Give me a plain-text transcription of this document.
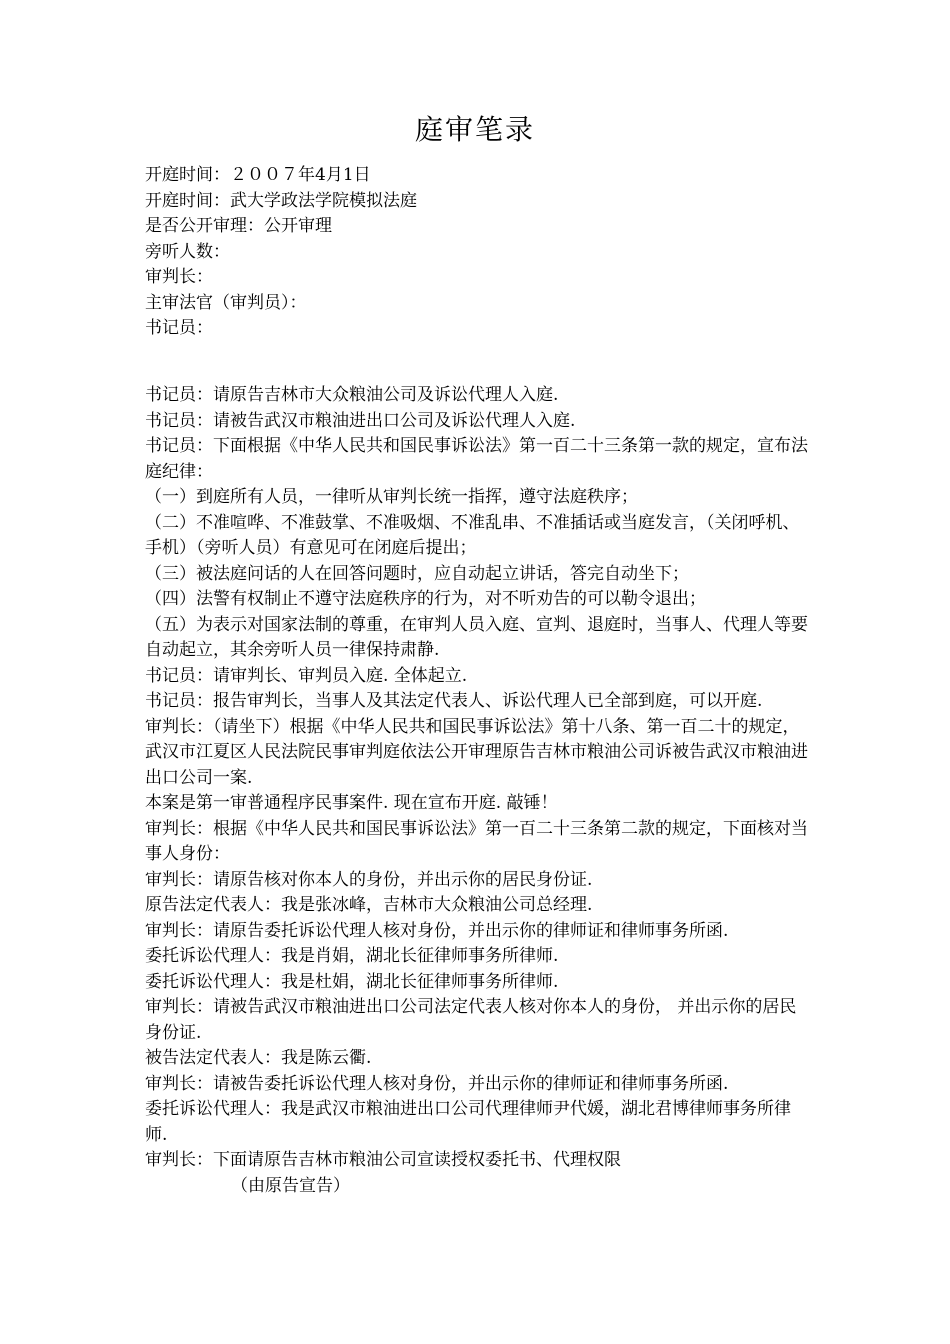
庭审笔录
开庭时间：２００７年4月1日
开庭时间：武大学政法学院模拟法庭
是否公开审理：公开审理
旁听人数：
审判长：
主审法官（审判员）：
书记员：
书记员：请原告吉林市大众粮油公司及诉讼代理人入庭.
书记员：请被告武汉市粮油进出口公司及诉讼代理人入庭.
书记员：下面根据《中华人民共和国民事诉讼法》第一百二十三条第一款的规定，宣布法庭纪律：
（一）到庭所有人员，一律听从审判长统一指挥，遵守法庭秩序；
（二）不准喧哗、不准鼓掌、不准吸烟、不准乱串、不准插话或当庭发言，（关闭呼机、手机）（旁听人员）有意见可在闭庭后提出；
（三）被法庭问话的人在回答问题时，应自动起立讲话，答完自动坐下；
（四）法警有权制止不遵守法庭秩序的行为，对不听劝告的可以勒令退出；
（五）为表示对国家法制的尊重，在审判人员入庭、宣判、退庭时，当事人、代理人等要自动起立，其余旁听人员一律保持肃静.
书记员：请审判长、审判员入庭. 全体起立.
书记员：报告审判长，当事人及其法定代表人、诉讼代理人已全部到庭，可以开庭.
审判长：（请坐下）根据《中华人民共和国民事诉讼法》第十八条、第一百二十的规定，武汉市江夏区人民法院民事审判庭依法公开审理原告吉林市粮油公司诉被告武汉市粮油进出口公司一案.
本案是第一审普通程序民事案件. 现在宣布开庭. 敲锤！
审判长：根据《中华人民共和国民事诉讼法》第一百二十三条第二款的规定，下面核对当事人身份：
审判长：请原告核对你本人的身份，并出示你的居民身份证.
原告法定代表人：我是张冰峰，吉林市大众粮油公司总经理.
审判长：请原告委托诉讼代理人核对身份，并出示你的律师证和律师事务所函.
委托诉讼代理人：我是肖娟，湖北长征律师事务所律师.
委托诉讼代理人：我是杜娟，湖北长征律师事务所律师.
审判长：请被告武汉市粮油进出口公司法定代表人核对你本人的身份， 并出示你的居民身份证.
被告法定代表人：我是陈云衢.
审判长：请被告委托诉讼代理人核对身份，并出示你的律师证和律师事务所函.
委托诉讼代理人：我是武汉市粮油进出口公司代理律师尹代媛，湖北君博律师事务所律师.
审判长：下面请原告吉林市粮油公司宣读授权委托书、代理权限
（由原告宣告）
